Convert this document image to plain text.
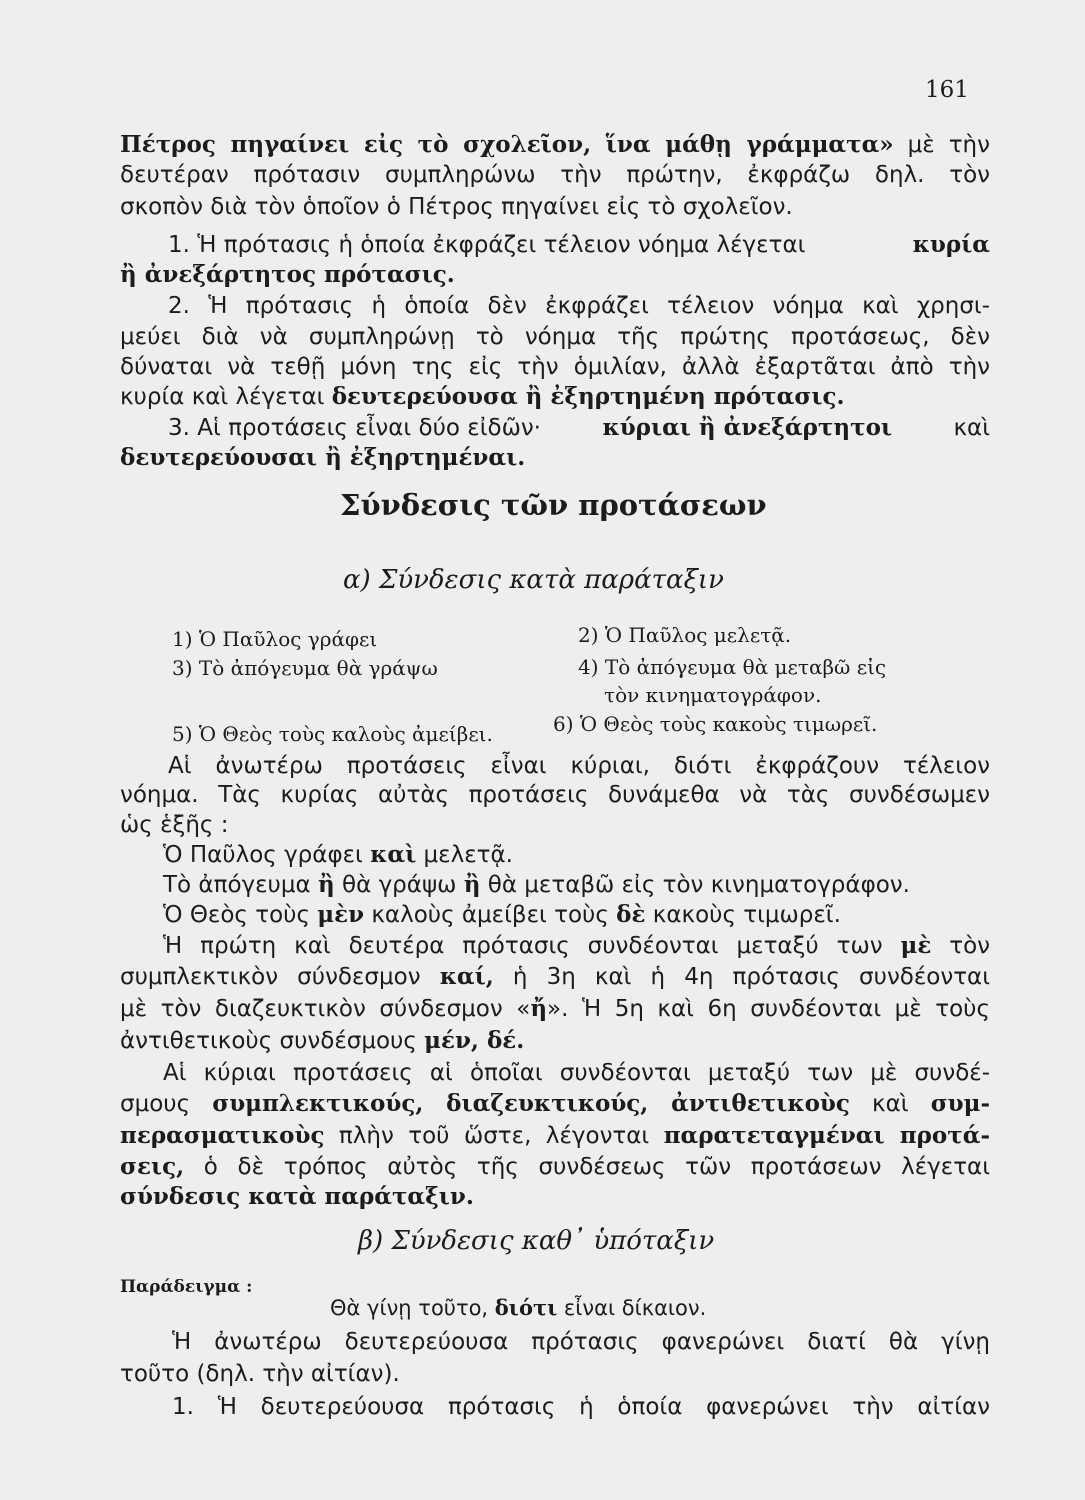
161
Πέτρος πηγαίνει εἰς τὸ σχολεῖον, ἵνα μάθῃ γράμματα» μὲ τὴν
δευτέραν πρότασιν συμπληρώνω τὴν πρώτην, ἐκφράζω δηλ. τὸν
σκοπὸν διὰ τὸν ὁποῖον ὁ Πέτρος πηγαίνει εἰς τὸ σχολεῖον.
1. Ἡ πρότασις ἡ ὁποία ἐκφράζει τέλειον νόημα λέγεται	κυρία
ἢ ἀνεξάρτητος πρότασις.
2. Ἡ πρότασις ἡ ὁποία δὲν ἐκφράζει τέλειον νόημα καὶ χρησι-
μεύει διὰ νὰ συμπληρώνῃ τὸ νόημα τῆς πρώτης προτάσεως, δὲν
δύναται νὰ τεθῇ μόνη της εἰς τὴν ὁμιλίαν, ἀλλὰ ἐξαρτᾶται ἀπὸ τὴν
κυρία καὶ λέγεται δευτερεύουσα ἢ ἐξηρτημένη πρότασις.
3. Αἱ προτάσεις εἶναι δύο εἰδῶν·	κύριαι ἢ ἀνεξάρτητοι	καὶ
δευτερεύουσαι ἢ ἐξηρτημέναι.
Σύνδεσις τῶν προτάσεων
α) Σύνδεσις κατὰ παράταξιν
1) Ὁ Παῦλος γράφει	2) Ὁ Παῦλος μελετᾷ.
3) Τὸ ἀπόγευμα θὰ γράψω	4) Τὸ ἀπόγευμα θὰ μεταβῶ εἰς
τὸν κινηματογράφον.
5) Ὁ Θεὸς τοὺς καλοὺς ἀμείβει.	6) Ὁ Θεὸς τοὺς κακοὺς τιμωρεῖ.
Αἱ ἀνωτέρω προτάσεις εἶναι κύριαι, διότι ἐκφράζουν τέλειον
νόημα. Τὰς κυρίας αὐτὰς προτάσεις δυνάμεθα νὰ τὰς συνδέσωμεν
ὡς ἑξῆς :
Ὁ Παῦλος γράφει καὶ μελετᾷ.
Τὸ ἀπόγευμα ἢ θὰ γράψω ἢ θὰ μεταβῶ εἰς τὸν κινηματογράφον.
Ὁ Θεὸς τοὺς μὲν καλοὺς ἀμείβει τοὺς δὲ κακοὺς τιμωρεῖ.
Ἡ πρώτη καὶ δευτέρα πρότασις συνδέονται μεταξύ των μὲ τὸν
συμπλεκτικὸν σύνδεσμον καί, ἡ 3η καὶ ἡ 4η πρότασις συνδέονται
μὲ τὸν διαζευκτικὸν σύνδεσμον «ἤ». Ἡ 5η καὶ 6η συνδέονται μὲ τοὺς
ἀντιθετικοὺς συνδέσμους μέν, δέ.
Αἱ κύριαι προτάσεις αἱ ὁποῖαι συνδέονται μεταξύ των μὲ συνδέ-
σμους συμπλεκτικούς, διαζευκτικούς, ἀντιθετικοὺς καὶ συμ-
περασματικοὺς πλὴν τοῦ ὥστε, λέγονται παρατεταγμέναι προτά-
σεις, ὁ δὲ τρόπος αὐτὸς τῆς συνδέσεως τῶν προτάσεων λέγεται
σύνδεσις κατὰ παράταξιν.
β) Σύνδεσις καθ᾽ ὑπόταξιν
Παράδειγμα :
Θὰ γίνῃ τοῦτο, διότι εἶναι δίκαιον.
Ἡ ἀνωτέρω δευτερεύουσα πρότασις φανερώνει διατί θὰ γίνῃ
τοῦτο (δηλ. τὴν αἰτίαν).
1. Ἡ δευτερεύουσα πρότασις ἡ ὁποία φανερώνει τὴν αἰτίαν
